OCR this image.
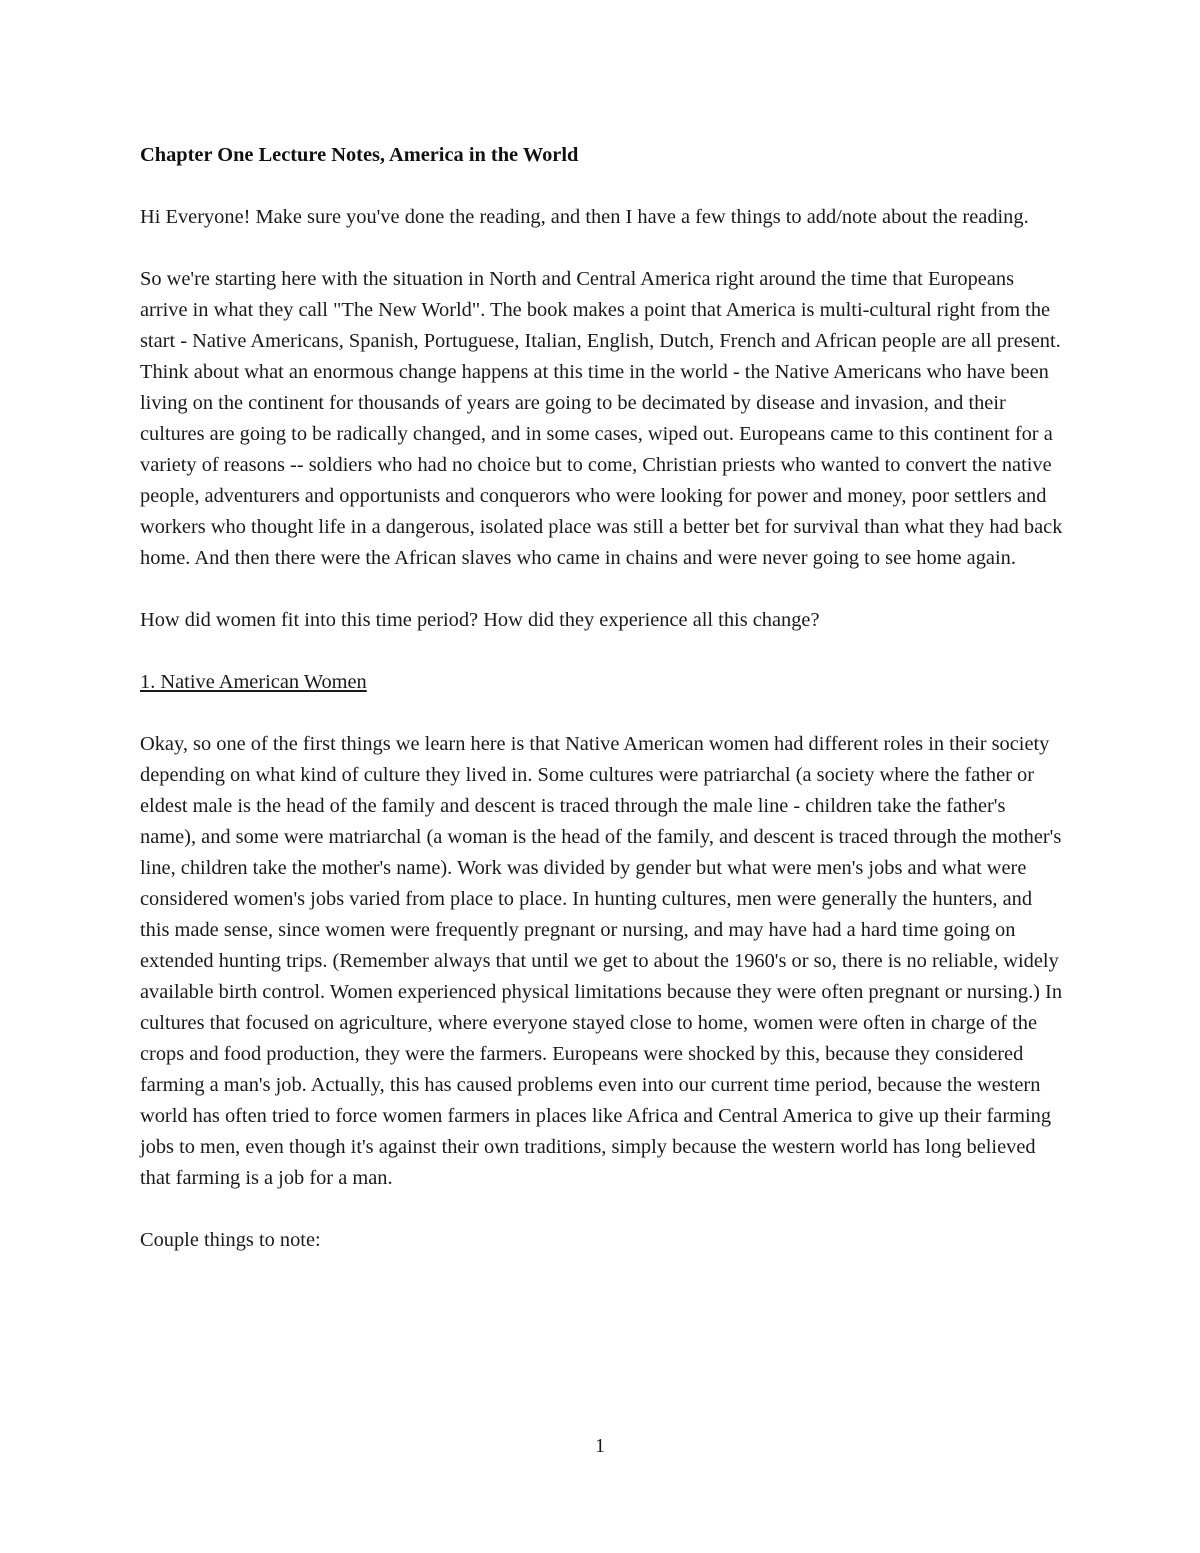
Chapter One Lecture Notes, America in the World

Hi Everyone! Make sure you've done the reading, and then I have a few things to add/note about the reading.

So we're starting here with the situation in North and Central America right around the time that Europeans arrive in what they call "The New World". The book makes a point that America is multi-cultural right from the start - Native Americans, Spanish, Portuguese, Italian, English, Dutch, French and African people are all present. Think about what an enormous change happens at this time in the world - the Native Americans who have been living on the continent for thousands of years are going to be decimated by disease and invasion, and their cultures are going to be radically changed, and in some cases, wiped out. Europeans came to this continent for a variety of reasons -- soldiers who had no choice but to come, Christian priests who wanted to convert the native people, adventurers and opportunists and conquerors who were looking for power and money, poor settlers and workers who thought life in a dangerous, isolated place was still a better bet for survival than what they had back home. And then there were the African slaves who came in chains and were never going to see home again.

How did women fit into this time period? How did they experience all this change?

1. Native American Women

Okay, so one of the first things we learn here is that Native American women had different roles in their society depending on what kind of culture they lived in. Some cultures were patriarchal (a society where the father or eldest male is the head of the family and descent is traced through the male line - children take the father's name), and some were matriarchal (a woman is the head of the family, and descent is traced through the mother's line, children take the mother's name). Work was divided by gender but what were men's jobs and what were considered women's jobs varied from place to place. In hunting cultures, men were generally the hunters, and this made sense, since women were frequently pregnant or nursing, and may have had a hard time going on extended hunting trips. (Remember always that until we get to about the 1960's or so, there is no reliable, widely available birth control. Women experienced physical limitations because they were often pregnant or nursing.) In cultures that focused on agriculture, where everyone stayed close to home, women were often in charge of the crops and food production, they were the farmers. Europeans were shocked by this, because they considered farming a man's job. Actually, this has caused problems even into our current time period, because the western world has often tried to force women farmers in places like Africa and Central America to give up their farming jobs to men, even though it's against their own traditions, simply because the western world has long believed that farming is a job for a man.

Couple things to note:

1
